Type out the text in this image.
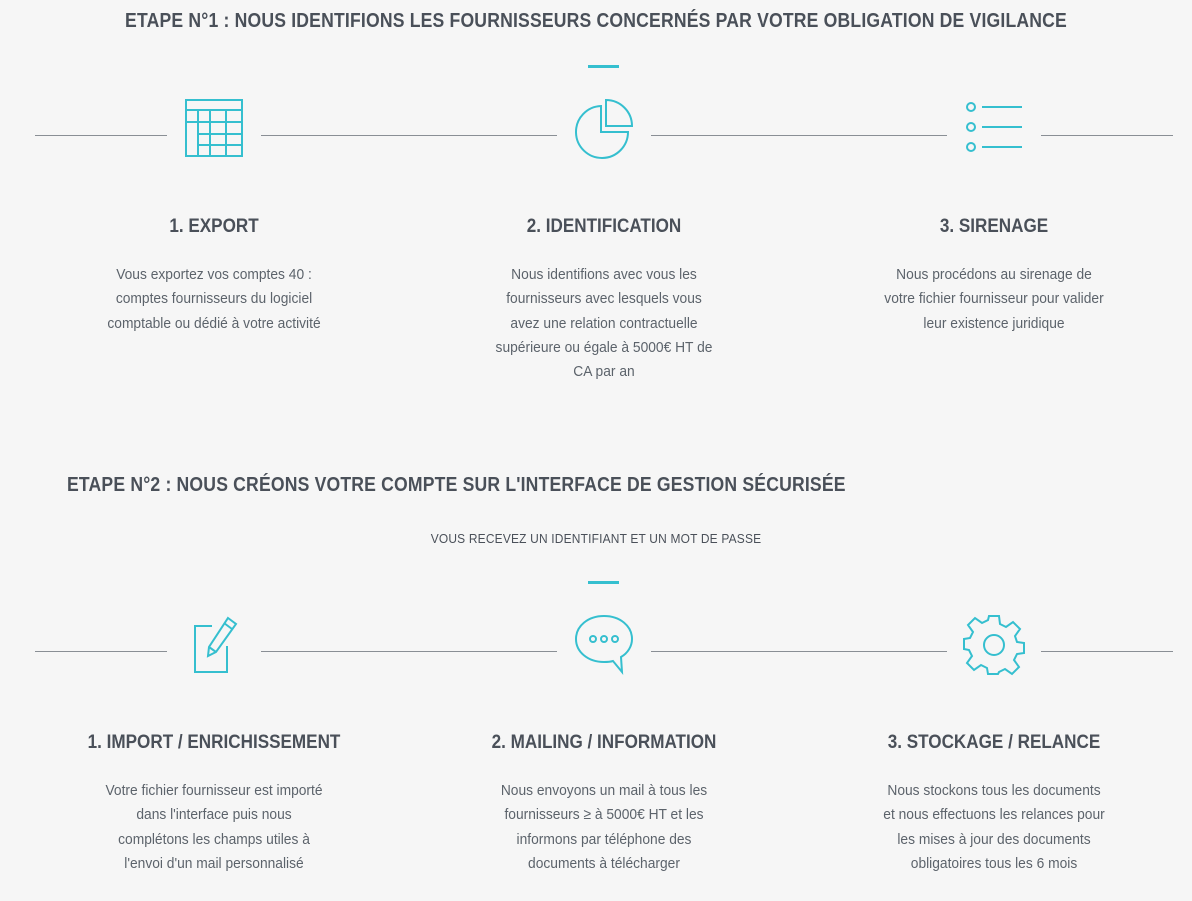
ETAPE N°1 : NOUS IDENTIFIONS LES FOURNISSEURS CONCERNÉS PAR VOTRE OBLIGATION DE VIGILANCE
1. EXPORT	2. IDENTIFICATION	3. SIRENAGE
Vous exportez vos comptes 40 :
comptes fournisseurs du logiciel
comptable ou dédié à votre activité
Nous identifions avec vous les
fournisseurs avec lesquels vous
avez une relation contractuelle
supérieure ou égale à 5000€ HT de
CA par an
Nous procédons au sirenage de
votre fichier fournisseur pour valider
leur existence juridique
ETAPE N°2 : NOUS CRÉONS VOTRE COMPTE SUR L'INTERFACE DE GESTION SÉCURISÉE
VOUS RECEVEZ UN IDENTIFIANT ET UN MOT DE PASSE
1. IMPORT / ENRICHISSEMENT	2. MAILING / INFORMATION	3. STOCKAGE / RELANCE
Votre fichier fournisseur est importé
dans l'interface puis nous
complétons les champs utiles à
l'envoi d'un mail personnalisé
Nous envoyons un mail à tous les
fournisseurs ≥ à 5000€ HT et les
informons par téléphone des
documents à télécharger
Nous stockons tous les documents
et nous effectuons les relances pour
les mises à jour des documents
obligatoires tous les 6 mois
